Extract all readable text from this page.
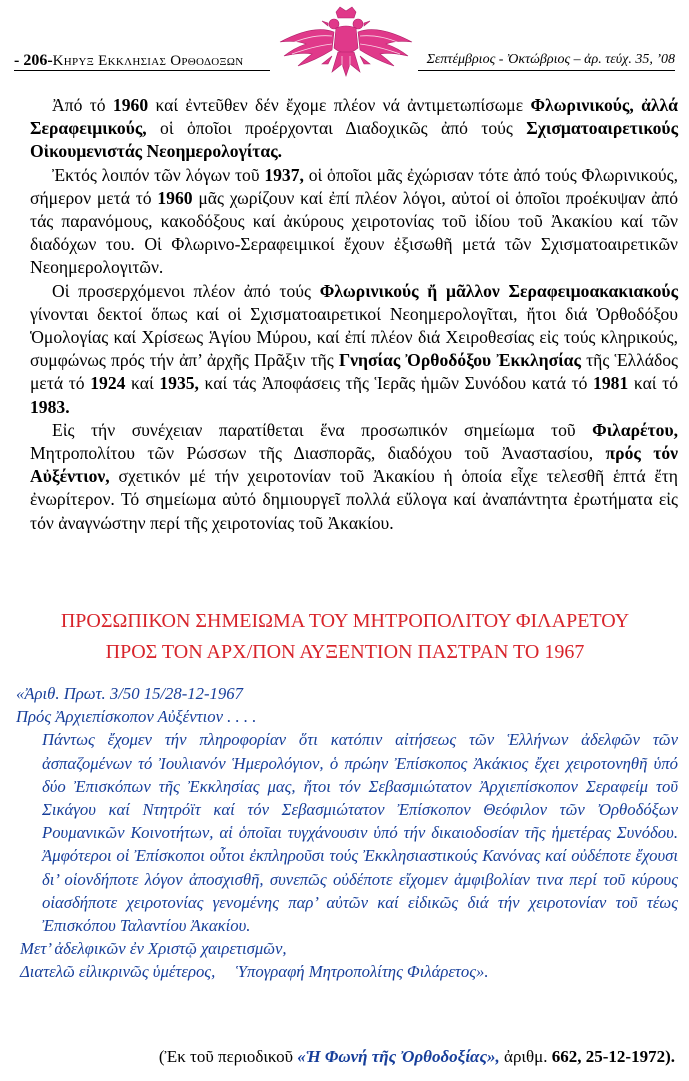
- 206-Κηρυξ Εκκλησιας Ορθοδοξων	Σεπτέμβριος - Ὀκτώβριος – ἀρ. τεύχ. 35, ’08

Ἀπό τό 1960 καί ἐντεῦθεν δέν ἔχομε πλέον νά ἀντιμετωπίσωμε Φλωρινικούς, ἀλλά Σεραφειμικούς, οἱ ὁποῖοι προέρχονται Διαδοχικῶς ἀπό τούς Σχισματοαιρετικούς Οἰκουμενιστάς Νεοημερολογίτας.

Ἐκτός λοιπόν τῶν λόγων τοῦ 1937, οἱ ὁποῖοι μᾶς ἐχώρισαν τότε ἀπό τούς Φλωρινικούς, σήμερον μετά τό 1960 μᾶς χωρίζουν καί ἐπί πλέον λόγοι, αὐτοί οἱ ὁποῖοι προέκυψαν ἀπό τάς παρανόμους, κακοδόξους καί ἀκύρους χειροτονίας τοῦ ἰδίου τοῦ Ἀκακίου καί τῶν διαδόχων του. Οἱ Φλωρινο-Σεραφειμικοί ἔχουν ἐξισωθῆ μετά τῶν Σχισματοαιρετικῶν Νεοημερολογιτῶν.

Οἱ προσερχόμενοι πλέον ἀπό τούς Φλωρινικούς ἤ μᾶλλον Σεραφειμοακακιακούς γίνονται δεκτοί ὅπως καί οἱ Σχισματοαιρετικοί Νεοημερολογῖται, ἤτοι διά Ὀρθοδόξου Ὁμολογίας καί Χρίσεως Ἁγίου Μύρου, καί ἐπί πλέον διά Χειροθεσίας εἰς τούς κληρικούς, συμφώνως πρός τήν ἀπ’ ἀρχῆς Πρᾶξιν τῆς Γνησίας Ὀρθοδόξου Ἐκκλησίας τῆς Ἑλλάδος μετά τό 1924 καί 1935, καί τάς Ἀποφάσεις τῆς Ἱερᾶς ἡμῶν Συνόδου κατά τό 1981 καί τό 1983.

Εἰς τήν συνέχειαν παρατίθεται ἕνα προσωπικόν σημείωμα τοῦ Φιλαρέτου, Μητροπολίτου τῶν Ρώσσων τῆς Διασπορᾶς, διαδόχου τοῦ Ἀναστασίου, πρός τόν Αὐξέντιον, σχετικόν μέ τήν χειροτονίαν τοῦ Ἀκακίου ἡ ὁποία εἶχε τελεσθῆ ἑπτά ἔτη ἐνωρίτερον. Τό σημείωμα αὐτό δημιουργεῖ πολλά εὔλογα καί ἀναπάντητα ἐρωτήματα εἰς τόν ἀναγνώστην περί τῆς χειροτονίας τοῦ Ἀκακίου.

ΠΡΟΣΩΠΙΚΟΝ ΣΗΜΕΙΩΜΑ ΤΟΥ ΜΗΤΡΟΠΟΛΙΤΟΥ ΦΙΛΑΡΕΤΟΥ
ΠΡΟΣ ΤΟΝ ΑΡΧ/ΠΟΝ ΑΥΞΕΝΤΙΟΝ ΠΑΣΤΡΑΝ ΤΟ 1967
«Ἀριθ. Πρωτ. 3/50 15/28-12-1967
Πρός Ἀρχιεπίσκοπον Αὐξέντιον . . . .
Πάντως ἔχομεν τήν πληροφορίαν ὅτι κατόπιν αἰτήσεως τῶν Ἑλλήνων ἀδελφῶν τῶν ἀσπαζομένων τό Ἰουλιανόν Ἡμερολόγιον, ὁ πρώην Ἐπίσκοπος Ἀκάκιος ἔχει χειροτονηθῆ ὑπό δύο Ἐπισκόπων τῆς Ἐκκλησίας μας, ἤτοι τόν Σεβασμιώτατον Ἀρχιεπίσκοπον Σεραφείμ τοῦ Σικάγου καί Ντητρόϊτ καί τόν Σεβασμιώτατον Ἐπίσκοπον Θεόφιλον τῶν Ὀρθοδόξων Ρουμανικῶν Κοινοτήτων, αἱ ὁποῖαι τυγχάνουσιν ὑπό τήν δικαιοδοσίαν τῆς ἡμετέρας Συνόδου. Ἀμφότεροι οἱ Ἐπίσκοποι οὗτοι ἐκπληροῦσι τούς Ἐκκλησιαστικούς Κανόνας καί οὐδέποτε ἔχουσι δι’ οἱονδήποτε λόγον ἀποσχισθῆ, συνεπῶς οὐδέποτε εἴχομεν ἀμφιβολίαν τινα περί τοῦ κύρους οἱασδήποτε χειροτονίας γενομένης παρ’ αὐτῶν καί εἰδικῶς διά τήν χειροτονίαν τοῦ τέως Ἐπισκόπου Ταλαντίου Ἀκακίου.
Μετ’ ἀδελφικῶν ἐν Χριστῷ χαιρετισμῶν,
Διατελῶ εἰλικρινῶς ὑμέτερος, Ὑπογραφή Μητροπολίτης Φιλάρετος».
(Ἐκ τοῦ περιοδικοῦ «Ἡ Φωνή τῆς Ὀρθοδοξίας», ἀριθμ. 662, 25-12-1972).
